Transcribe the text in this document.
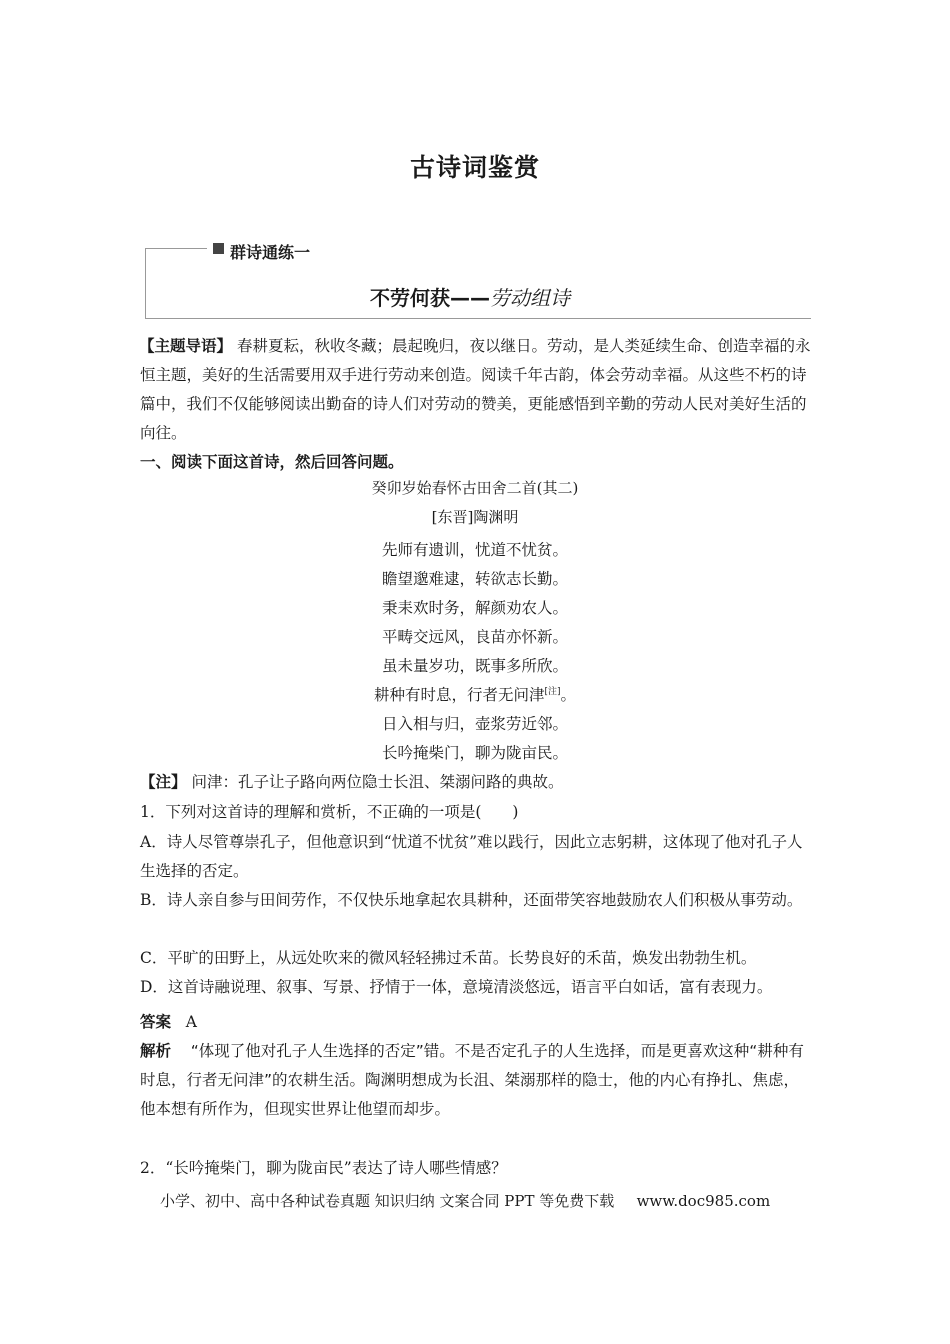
古诗词鉴赏
群诗通练一
不劳何获——劳动组诗
【主题导语】 春耕夏耘，秋收冬藏；晨起晚归，夜以继日。劳动，是人类延续生命、创造幸福的永恒主题，美好的生活需要用双手进行劳动来创造。阅读千年古韵，体会劳动幸福。从这些不朽的诗篇中，我们不仅能够阅读出勤奋的诗人们对劳动的赞美，更能感悟到辛勤的劳动人民对美好生活的向往。
一、阅读下面这首诗，然后回答问题。
癸卯岁始春怀古田舍二首(其二)
[东晋]陶渊明
先师有遗训，忧道不忧贫。
瞻望邈难逮，转欲志长勤。
秉耒欢时务，解颜劝农人。
平畴交远风，良苗亦怀新。
虽未量岁功，既事多所欣。
耕种有时息，行者无问津[注]。
日入相与归，壶浆劳近邻。
长吟掩柴门，聊为陇亩民。
【注】 问津：孔子让子路向两位隐士长沮、桀溺问路的典故。
1．下列对这首诗的理解和赏析，不正确的一项是(　　)
A．诗人尽管尊崇孔子，但他意识到“忧道不忧贫”难以践行，因此立志躬耕，这体现了他对孔子人生选择的否定。
B．诗人亲自参与田间劳作，不仅快乐地拿起农具耕种，还面带笑容地鼓励农人们积极从事劳动。
C．平旷的田野上，从远处吹来的微风轻轻拂过禾苗。长势良好的禾苗，焕发出勃勃生机。
D．这首诗融说理、叙事、写景、抒情于一体，意境清淡悠远，语言平白如话，富有表现力。
答案 A
解析 “体现了他对孔子人生选择的否定”错。不是否定孔子的人生选择，而是更喜欢这种“耕种有时息，行者无问津”的农耕生活。陶渊明想成为长沮、桀溺那样的隐士，他的内心有挣扎、焦虑，他本想有所作为，但现实世界让他望而却步。
2．“长吟掩柴门，聊为陇亩民”表达了诗人哪些情感？
小学、初中、高中各种试卷真题 知识归纳 文案合同 PPT 等免费下载 www.doc985.com
